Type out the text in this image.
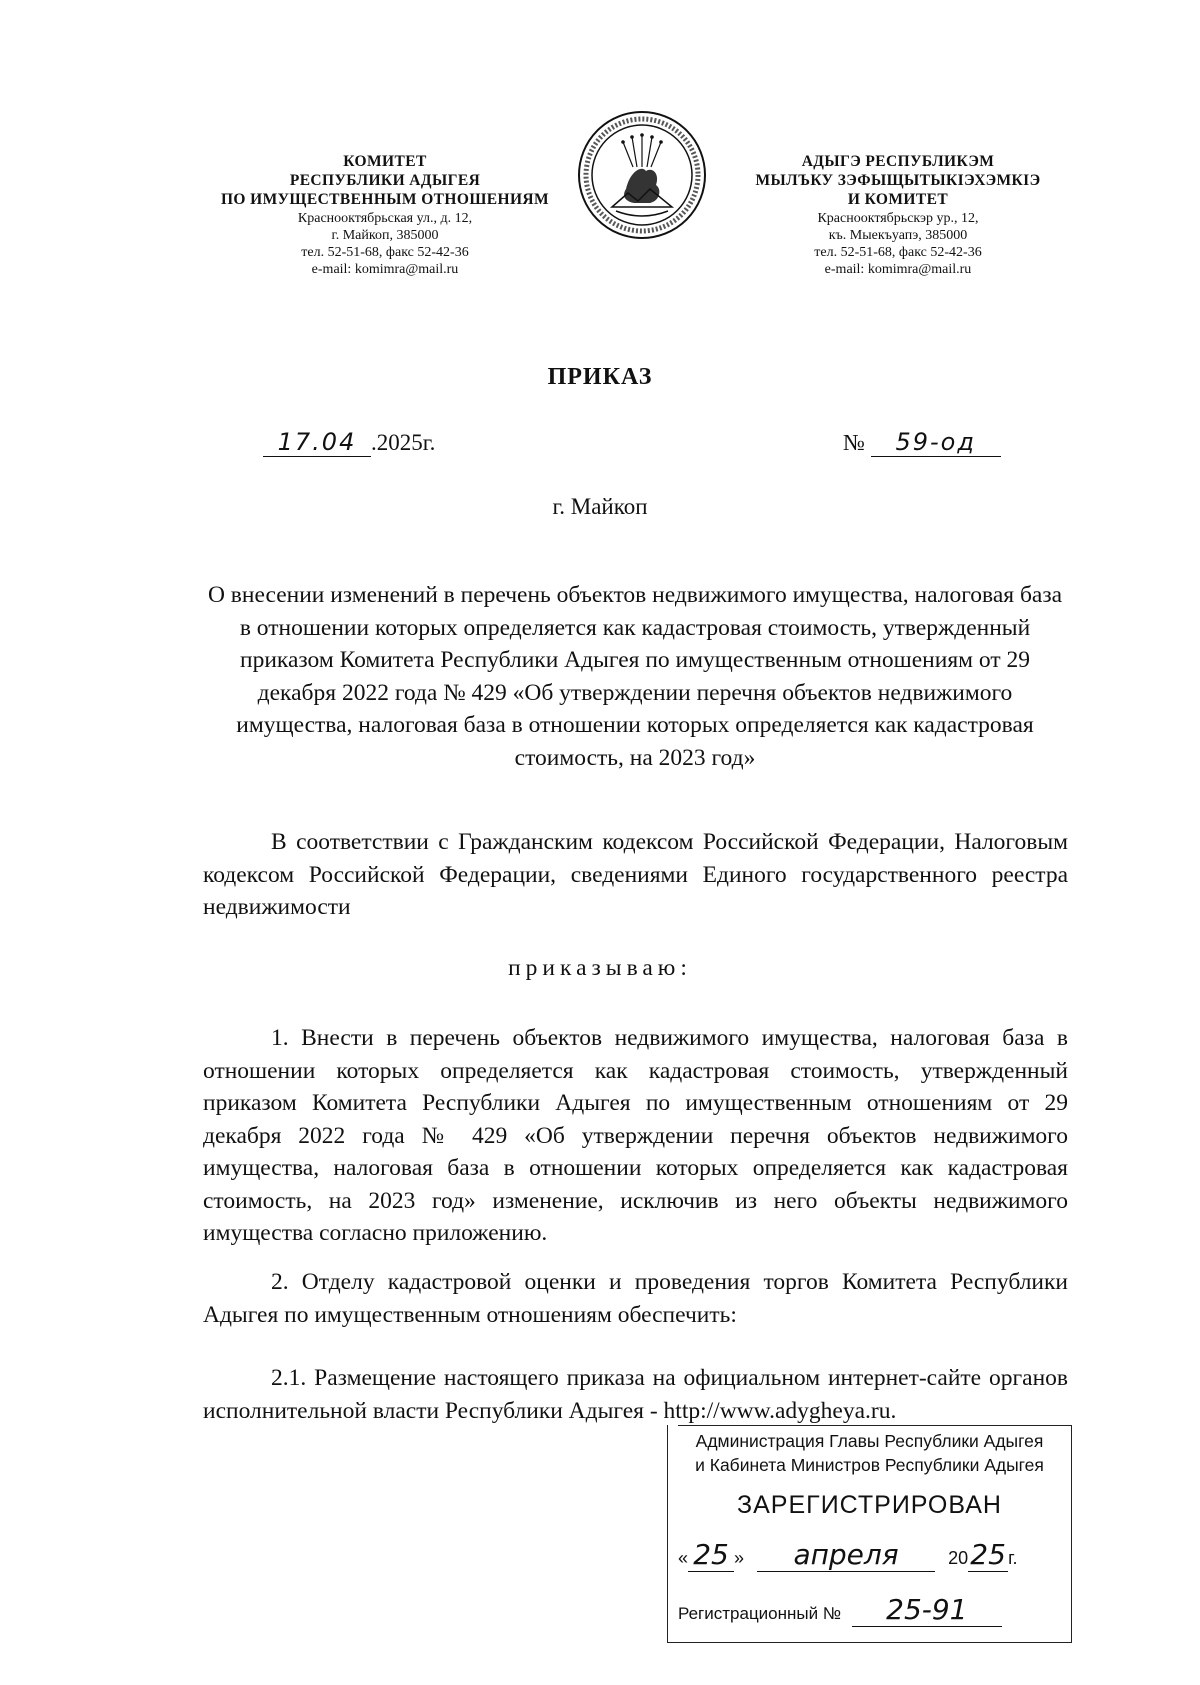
КОМИТЕТ
РЕСПУБЛИКИ АДЫГЕЯ
ПО ИМУЩЕСТВЕННЫМ ОТНОШЕНИЯМ
Краснооктябрьская ул., д. 12,
г. Майкоп, 385000
тел. 52-51-68, факс 52-42-36
e-mail: komimra@mail.ru
АДЫГЭ РЕСПУБЛИКЭМ
МЫЛЪКУ ЗЭФЫЩЫТЫКIЭХЭМКIЭ
И КОМИТЕТ
Краснооктябрьскэр ур., 12,
къ. Мыекъуапэ, 385000
тел. 52-51-68, факс 52-42-36
e-mail: komimra@mail.ru
ПРИКАЗ
17.04 .2025г.	№ 59-од
г. Майкоп
О внесении изменений в перечень объектов недвижимого имущества, налоговая база в отношении которых определяется как кадастровая стоимость, утвержденный приказом Комитета Республики Адыгея по имущественным отношениям от 29 декабря 2022 года № 429 «Об утверждении перечня объектов недвижимого имущества, налоговая база в отношении которых определяется как кадастровая стоимость, на 2023 год»
В соответствии с Гражданским кодексом Российской Федерации, Налоговым кодексом Российской Федерации, сведениями Единого государственного реестра недвижимости
приказываю:
1. Внести в перечень объектов недвижимого имущества, налоговая база в отношении которых определяется как кадастровая стоимость, утвержденный приказом Комитета Республики Адыгея по имущественным отношениям от 29 декабря 2022 года № 429 «Об утверждении перечня объектов недвижимого имущества, налоговая база в отношении которых определяется как кадастровая стоимость, на 2023 год» изменение, исключив из него объекты недвижимого имущества согласно приложению.
2. Отделу кадастровой оценки и проведения торгов Комитета Республики Адыгея по имущественным отношениям обеспечить:
2.1. Размещение настоящего приказа на официальном интернет-сайте органов исполнительной власти Республики Адыгея - http://www.adygheya.ru.
Администрация Главы Республики Адыгея
и Кабинета Министров Республики Адыгея
ЗАРЕГИСТРИРОВАН
« 25 » апреля	2025 г.
Регистрационный № 25-91
